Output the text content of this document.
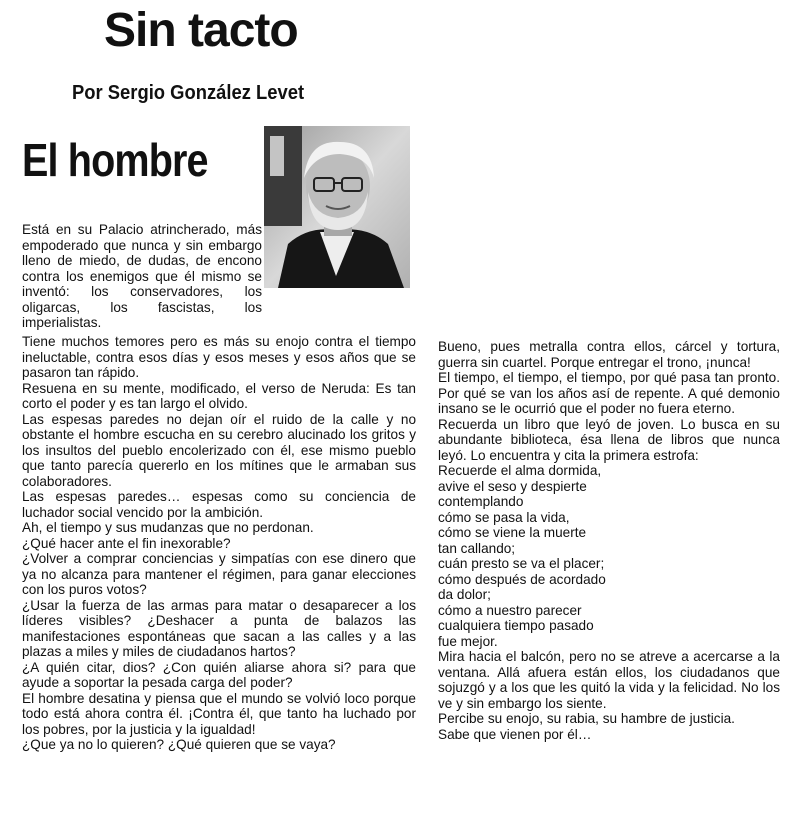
Sin tacto
Por Sergio González Levet
El hombre

Está en su Palacio atrincherado, más empoderado que nunca y sin embargo lleno de miedo, de dudas, de encono contra los enemigos que él mismo se inventó: los conservadores, los oligarcas, los fascistas, los imperialistas.

Tiene muchos temores pero es más su enojo contra el tiempo ineluctable, contra esos días y esos meses y esos años que se pasaron tan rápido.

Resuena en su mente, modificado, el verso de Neruda: Es tan corto el poder y es tan largo el olvido.

Las espesas paredes no dejan oír el ruido de la calle y no obstante el hombre escucha en su cerebro alucinado los gritos y los insultos del pueblo encolerizado con él, ese mismo pueblo que tanto parecía quererlo en los mítines que le armaban sus colaboradores.

Las espesas paredes… espesas como su conciencia de luchador social vencido por la ambición.

Ah, el tiempo y sus mudanzas que no perdonan.

¿Qué hacer ante el fin inexorable?

¿Volver a comprar conciencias y simpatías con ese dinero que ya no alcanza para mantener el régimen, para ganar elecciones con los puros votos?

¿Usar la fuerza de las armas para matar o desaparecer a los líderes visibles? ¿Deshacer a punta de balazos las manifestaciones espontáneas que sacan a las calles y a las plazas a miles y miles de ciudadanos hartos?

¿A quién citar, dios? ¿Con quién aliarse ahora si? para que ayude a soportar la pesada carga del poder?

El hombre desatina y piensa que el mundo se volvió loco porque todo está ahora contra él. ¡Contra él, que tanto ha luchado por los pobres, por la justicia y la igualdad!

¿Que ya no lo quieren? ¿Qué quieren que se vaya?

Bueno, pues metralla contra ellos, cárcel y tortura, guerra sin cuartel. Porque entregar el trono, ¡nunca!

El tiempo, el tiempo, el tiempo, por qué pasa tan pronto. Por qué se van los años así de repente. A qué demonio insano se le ocurrió que el poder no fuera eterno.

Recuerda un libro que leyó de joven. Lo busca en su abundante biblioteca, ésa llena de libros que nunca leyó. Lo encuentra y cita la primera estrofa:

Recuerde el alma dormida,
avive el seso y despierte
contemplando
cómo se pasa la vida,
cómo se viene la muerte
tan callando;
cuán presto se va el placer;
cómo después de acordado
da dolor;
cómo a nuestro parecer
cualquiera tiempo pasado
fue mejor.

Mira hacia el balcón, pero no se atreve a acercarse a la ventana. Allá afuera están ellos, los ciudadanos que sojuzgó y a los que les quitó la vida y la felicidad. No los ve y sin embargo los siente.

Percibe su enojo, su rabia, su hambre de justicia.

Sabe que vienen por él…
